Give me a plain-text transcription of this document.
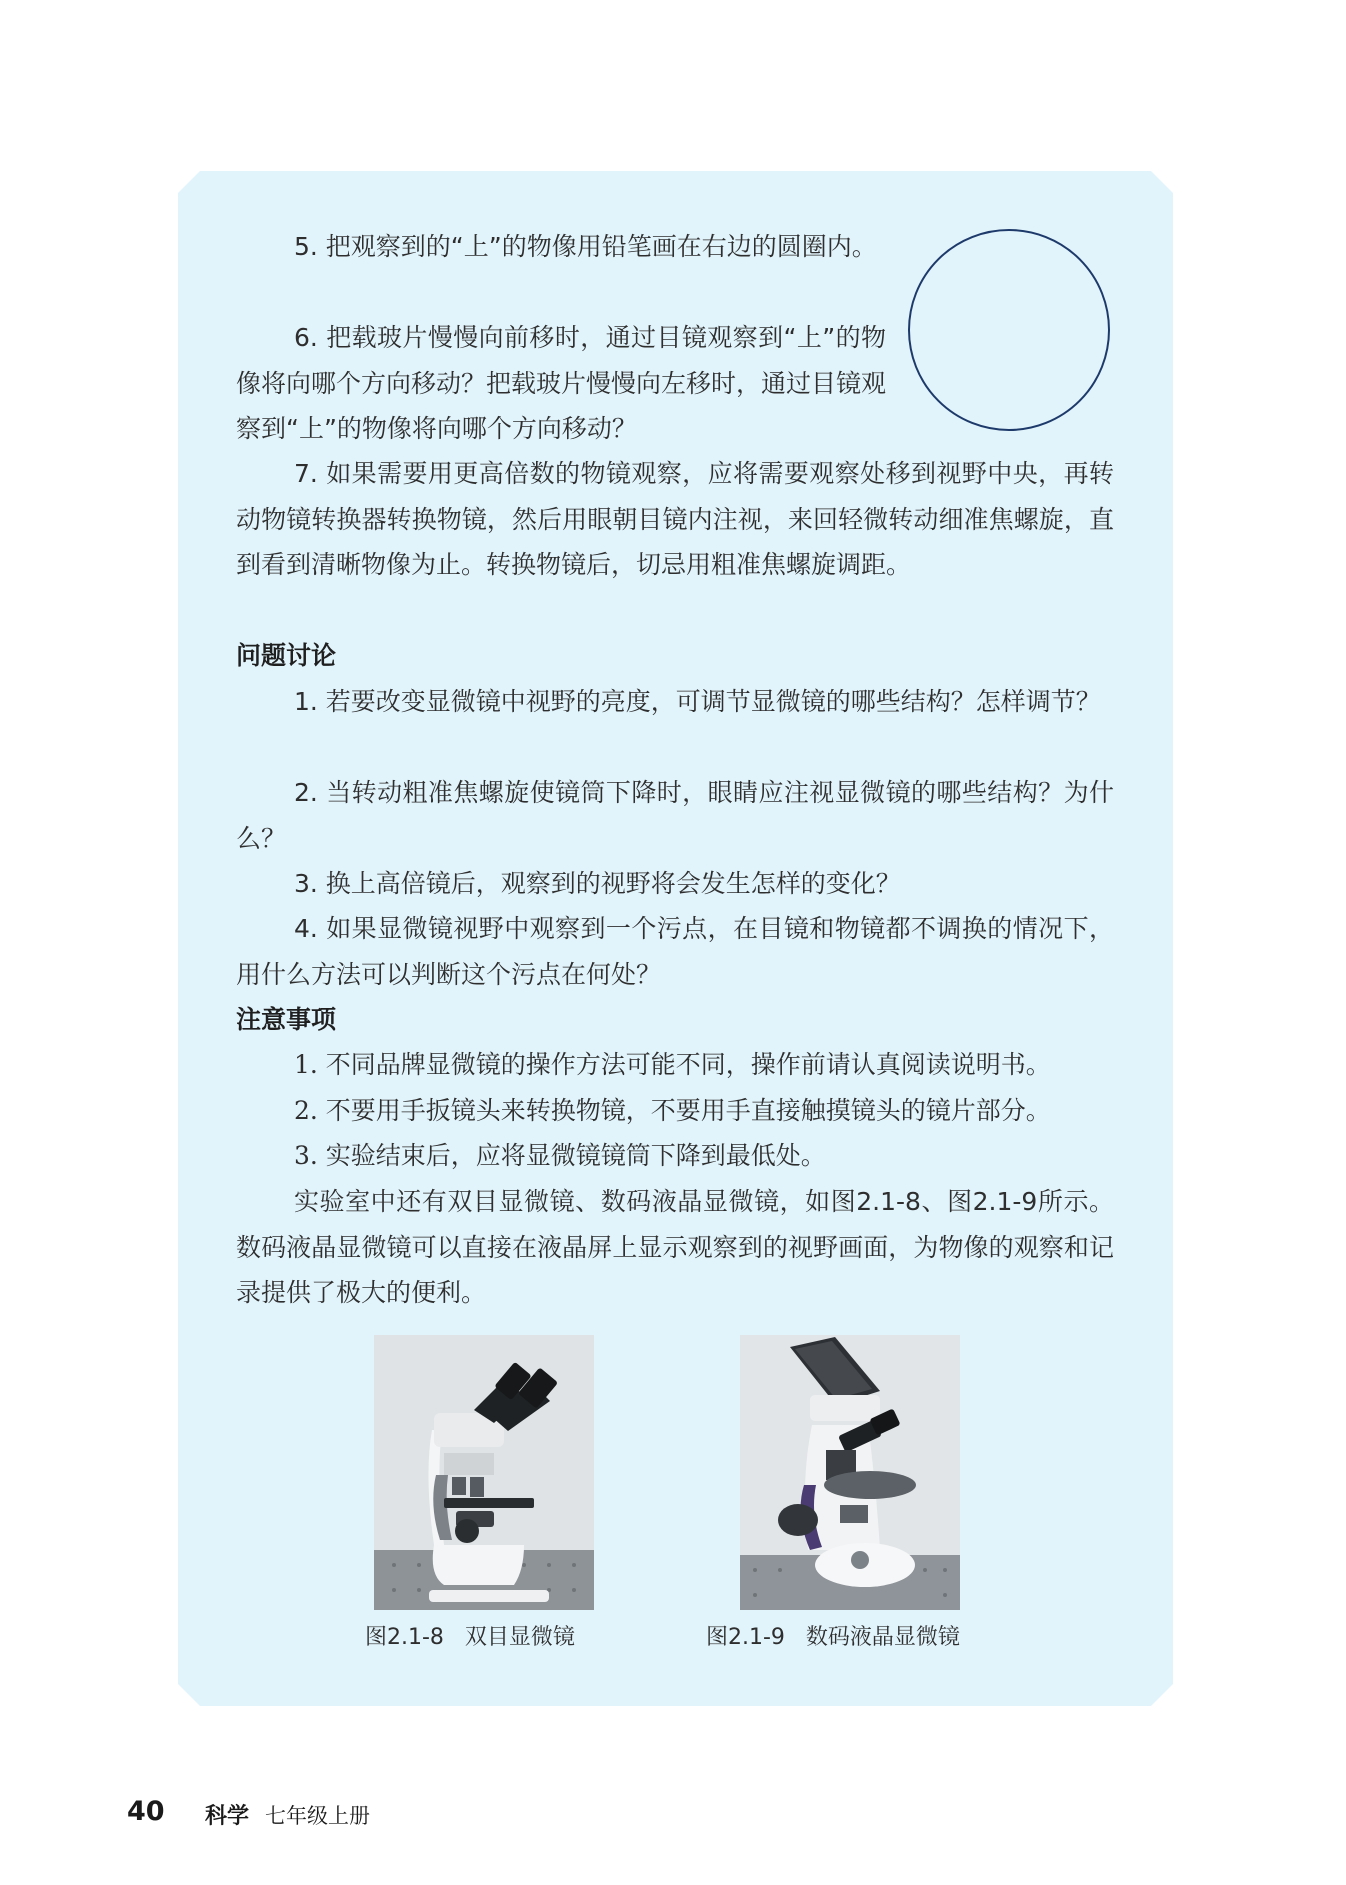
5. 把观察到的“上”的物像用铅笔画在右边的圆圈内。

6. 把载玻片慢慢向前移时，通过目镜观察到“上”的物像将向哪个方向移动？把载玻片慢慢向左移时，通过目镜观察到“上”的物像将向哪个方向移动？

7. 如果需要用更高倍数的物镜观察，应将需要观察处移到视野中央，再转动物镜转换器转换物镜，然后用眼朝目镜内注视，来回轻微转动细准焦螺旋，直到看到清晰物像为止。转换物镜后，切忌用粗准焦螺旋调距。

问题讨论

1. 若要改变显微镜中视野的亮度，可调节显微镜的哪些结构？怎样调节？

2. 当转动粗准焦螺旋使镜筒下降时，眼睛应注视显微镜的哪些结构？为什么？

3. 换上高倍镜后，观察到的视野将会发生怎样的变化？

4. 如果显微镜视野中观察到一个污点，在目镜和物镜都不调换的情况下，用什么方法可以判断这个污点在何处？

注意事项

1. 不同品牌显微镜的操作方法可能不同，操作前请认真阅读说明书。

2. 不要用手扳镜头来转换物镜，不要用手直接触摸镜头的镜片部分。

3. 实验结束后，应将显微镜镜筒下降到最低处。

实验室中还有双目显微镜、数码液晶显微镜，如图2.1-8、图2.1-9所示。数码液晶显微镜可以直接在液晶屏上显示观察到的视野画面，为物像的观察和记录提供了极大的便利。

图2.1-8   双目显微镜	图2.1-9   数码液晶显微镜
40 科学 七年级上册
